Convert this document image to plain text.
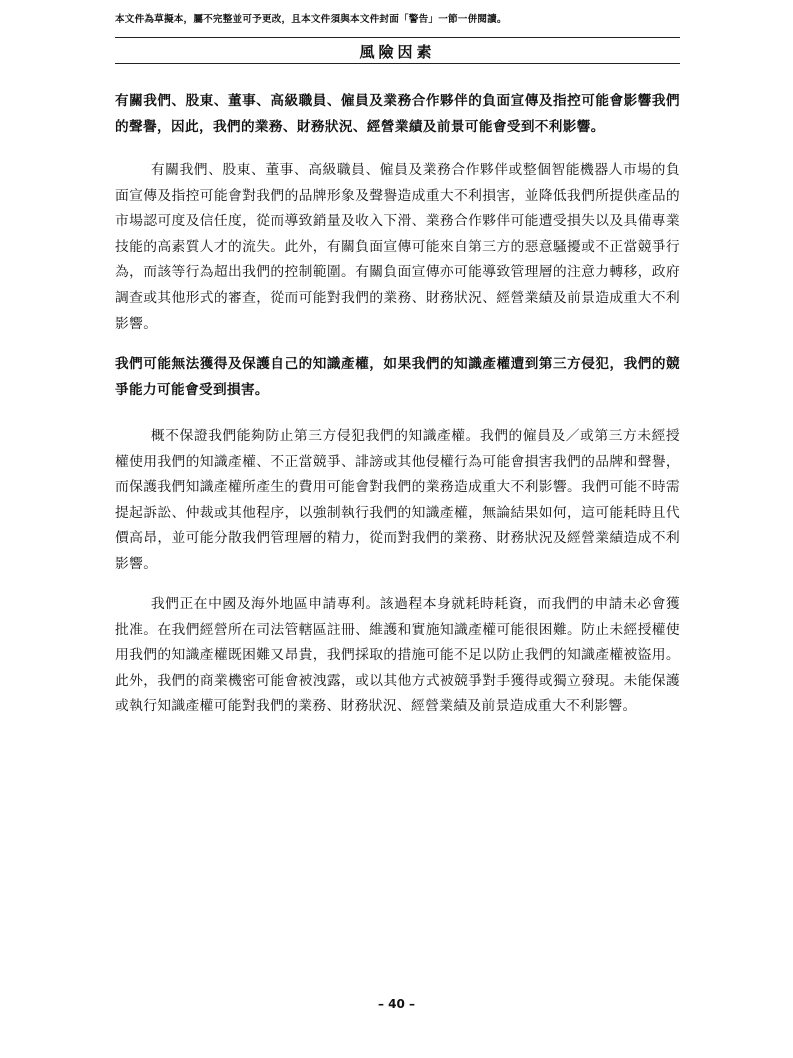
本文件為草擬本，屬不完整並可予更改，且本文件須與本文件封面「警告」一節一併閱讀。
風險因素
有關我們、股東、董事、高級職員、僱員及業務合作夥伴的負面宣傳及指控可能會影響我們的聲譽，因此，我們的業務、財務狀況、經營業績及前景可能會受到不利影響。
有關我們、股東、董事、高級職員、僱員及業務合作夥伴或整個智能機器人市場的負面宣傳及指控可能會對我們的品牌形象及聲譽造成重大不利損害，並降低我們所提供產品的市場認可度及信任度，從而導致銷量及收入下滑、業務合作夥伴可能遭受損失以及具備專業技能的高素質人才的流失。此外，有關負面宣傳可能來自第三方的惡意騷擾或不正當競爭行為，而該等行為超出我們的控制範圍。有關負面宣傳亦可能導致管理層的注意力轉移，政府調查或其他形式的審查，從而可能對我們的業務、財務狀況、經營業績及前景造成重大不利影響。
我們可能無法獲得及保護自己的知識產權，如果我們的知識產權遭到第三方侵犯，我們的競爭能力可能會受到損害。
概不保證我們能夠防止第三方侵犯我們的知識產權。我們的僱員及／或第三方未經授權使用我們的知識產權、不正當競爭、誹謗或其他侵權行為可能會損害我們的品牌和聲譽，而保護我們知識產權所產生的費用可能會對我們的業務造成重大不利影響。我們可能不時需提起訴訟、仲裁或其他程序，以強制執行我們的知識產權，無論結果如何，這可能耗時且代價高昂，並可能分散我們管理層的精力，從而對我們的業務、財務狀況及經營業績造成不利影響。
我們正在中國及海外地區申請專利。該過程本身就耗時耗資，而我們的申請未必會獲批准。在我們經營所在司法管轄區註冊、維護和實施知識產權可能很困難。防止未經授權使用我們的知識產權既困難又昂貴，我們採取的措施可能不足以防止我們的知識產權被盜用。此外，我們的商業機密可能會被洩露，或以其他方式被競爭對手獲得或獨立發現。未能保護或執行知識產權可能對我們的業務、財務狀況、經營業績及前景造成重大不利影響。
– 40 –
